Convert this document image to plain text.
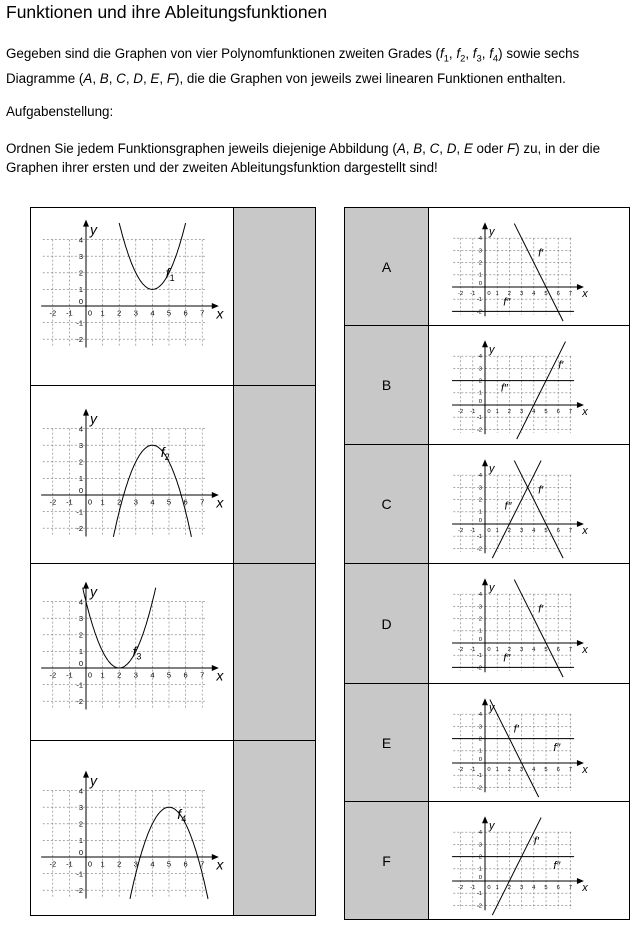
Funktionen und ihre Ableitungsfunktionen
Gegeben sind die Graphen von vier Polynomfunktionen zweiten Grades ($f_1$, $f_2$, $f_3$, $f_4$) sowie sechs Diagramme (A, B, C, D, E, F), die die Graphen von jeweils zwei linearen Funktionen enthalten.
Aufgabenstellung:
Ordnen Sie jedem Funktionsgraphen jeweils diejenige Abbildung (A, B, C, D, E oder F) zu, in der die Graphen ihrer ersten und der zweiten Ableitungsfunktion dargestellt sind!
-2 -1 0 1 2 3 4 5 6 7
-2
-1
0
1
2
3
4
x
y
$f_1$
-2 -1 0 1 2 3 4 5 6 7
-2
-1
0
1
2
3
4
x
y
$f_2$
-2 -1 0 1 2 3 4 5 6 7
-2
-1
0
1
2
3
4
x
y
$f_3$
-2 -1 0 1 2 3 4 5 6 7
-2
-1
0
1
2
3
4
x
y
$f_4$
A
-2 -1 0 1 2 3 4 5 6 7
-2
-1
0
1
2
3
4
x
y
f′
f″
B
-2 -1 0 1 2 3 4 5 6 7
-2
-1
0
1
2
3
4
x
y
f′
f″
C
-2 -1 0 1 2 3 4 5 6 7
-2
-1
0
1
2
3
4
x
y
f′
f″
D
-2 -1 0 1 2 3 4 5 6 7
-2
-1
0
1
2
3
4
x
y
f′
f″
E
-2 -1 0 1 2 3 4 5 6 7
-2
-1
0
1
2
3
4
x
y
f′
f″
F
-2 -1 0 1 2 3 4 5 6 7
-2
-1
0
1
2
3
4
x
y
f′
f″
